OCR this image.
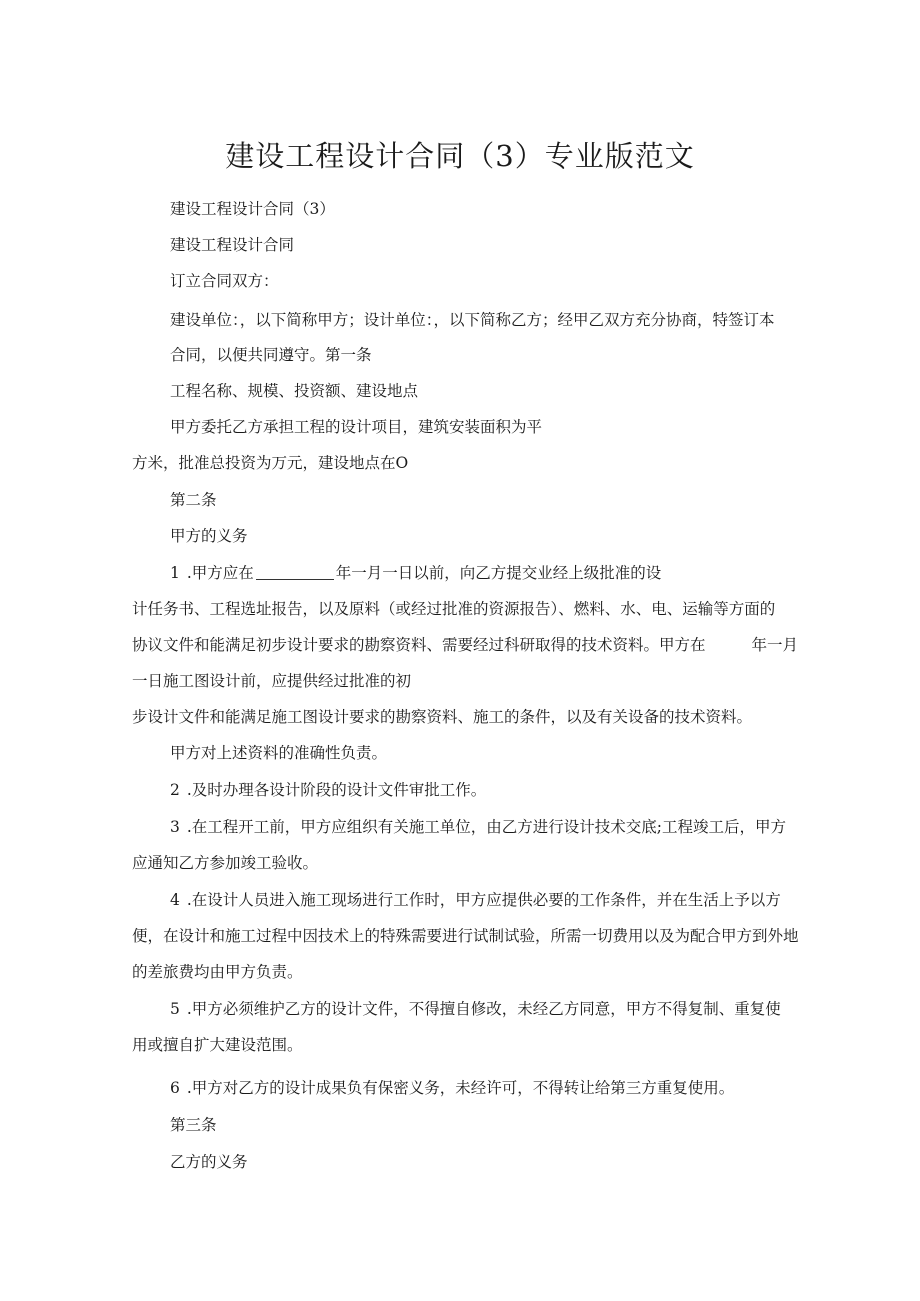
建设工程设计合同（3）专业版范文
建设工程设计合同（3）
建设工程设计合同
订立合同双方：
建设单位：，以下简称甲方；设计单位：，以下简称乙方；经甲乙双方充分协商，特签订本
合同，以便共同遵守。第一条
工程名称、规模、投资额、建设地点
甲方委托乙方承担工程的设计项目，建筑安装面积为平
方米，批准总投资为万元，建设地点在O
第二条
甲方的义务
1 .甲方应在	年一月一日以前，向乙方提交业经上级批准的设
计任务书、工程选址报告，以及原料（或经过批准的资源报告）、燃料、水、电、运输等方面的
协议文件和能满足初步设计要求的勘察资料、需要经过科研取得的技术资料。甲方在	年一月
一日施工图设计前，应提供经过批准的初
步设计文件和能满足施工图设计要求的勘察资料、施工的条件，以及有关设备的技术资料。
甲方对上述资料的准确性负责。
2 .及时办理各设计阶段的设计文件审批工作。
3 .在工程开工前，甲方应组织有关施工单位，由乙方进行设计技术交底;工程竣工后，甲方
应通知乙方参加竣工验收。
4 .在设计人员进入施工现场进行工作时，甲方应提供必要的工作条件，并在生活上予以方
便，在设计和施工过程中因技术上的特殊需要进行试制试验，所需一切费用以及为配合甲方到外地
的差旅费均由甲方负责。
5 .甲方必须维护乙方的设计文件，不得擅自修改，未经乙方同意，甲方不得复制、重复使
用或擅自扩大建设范围。
6 .甲方对乙方的设计成果负有保密义务，未经许可，不得转让给第三方重复使用。
第三条
乙方的义务
